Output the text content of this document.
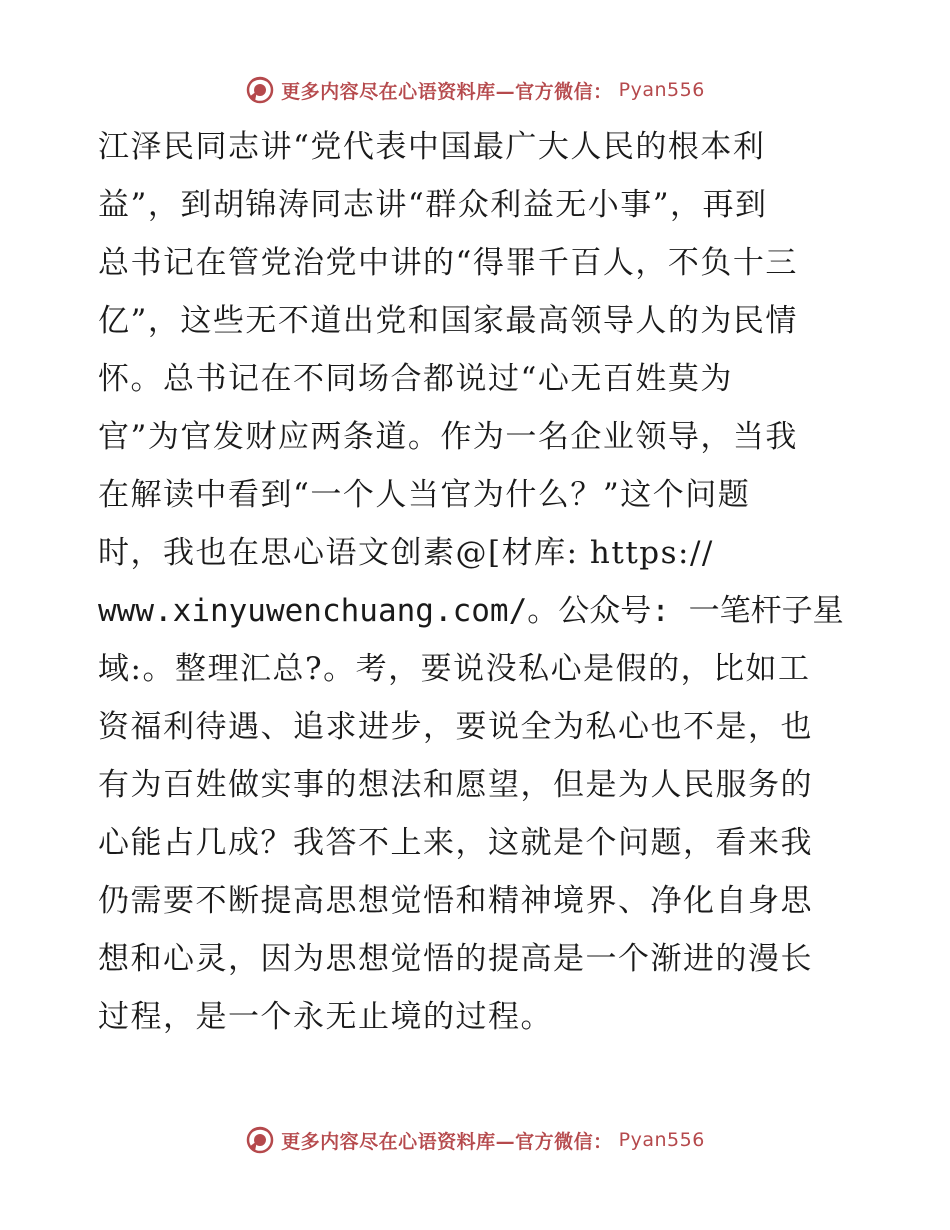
更多内容尽在心语资料库—官方微信： Pyan556
江泽民同志讲“党代表中国最广大人民的根本利
益”，到胡锦涛同志讲“群众利益无小事”，再到
总书记在管党治党中讲的“得罪千百人，不负十三
亿”，这些无不道出党和国家最高领导人的为民情
怀。总书记在不同场合都说过“心无百姓莫为
官”为官发财应两条道。作为一名企业领导，当我
在解读中看到“一个人当官为什么？”这个问题
时，我也在思心语文创素@[材库: https://
www.xinyuwenchuang.com/。公众号: 一笔杆子星
域:。整理汇总?。考，要说没私心是假的，比如工
资福利待遇、追求进步，要说全为私心也不是，也
有为百姓做实事的想法和愿望，但是为人民服务的
心能占几成？我答不上来，这就是个问题，看来我
仍需要不断提高思想觉悟和精神境界、净化自身思
想和心灵，因为思想觉悟的提高是一个渐进的漫长
过程，是一个永无止境的过程。
更多内容尽在心语资料库—官方微信： Pyan556
